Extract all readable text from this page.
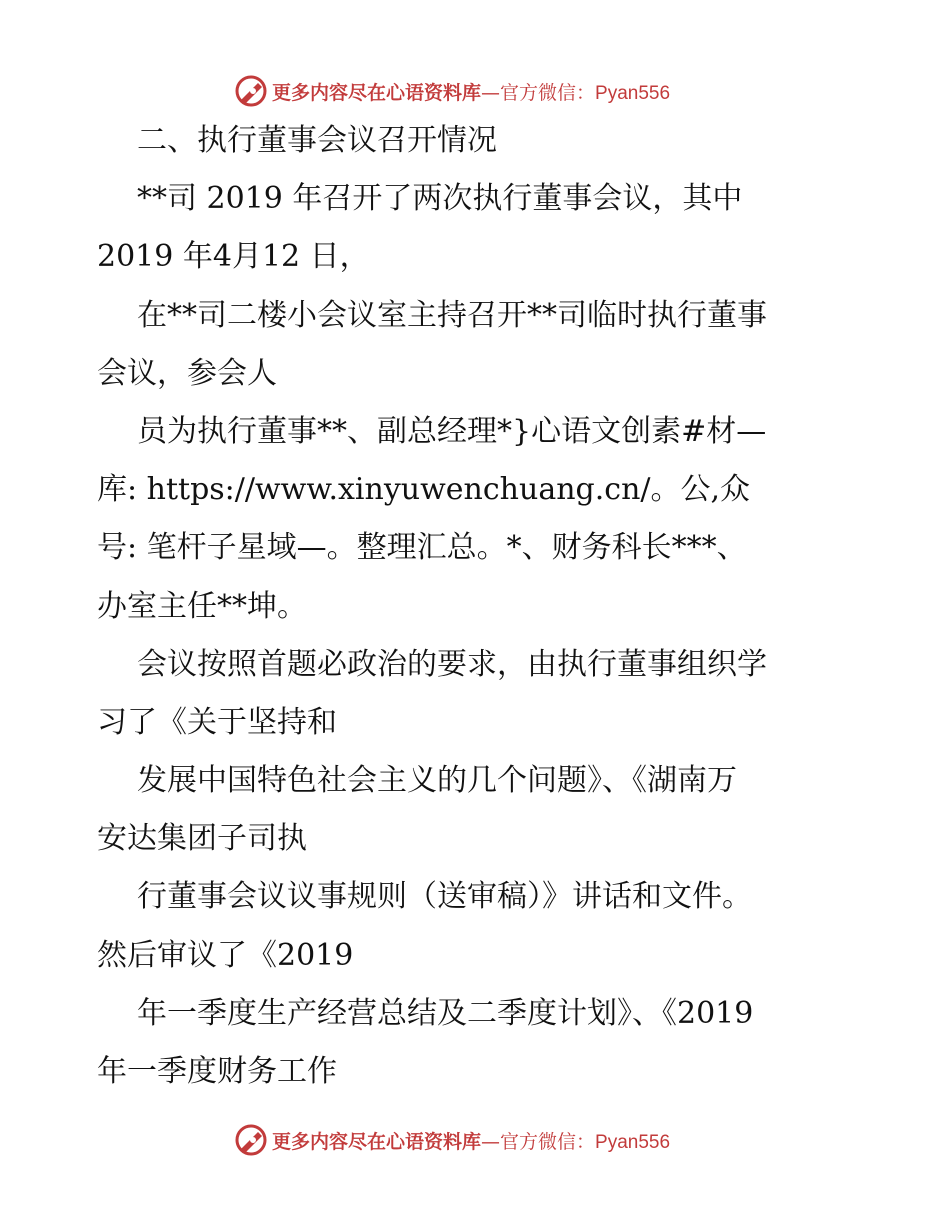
更多内容尽在心语资料库—官方微信：Pyan556
二、执行董事会议召开情况
**司 2019 年召开了两次执行董事会议，其中
2019 年4月12 日，
在**司二楼小会议室主持召开**司临时执行董事
会议，参会人
员为执行董事**、副总经理*}心语文创素#材—
库: https://www.xinyuwenchuang.cn/。公,众
号: 笔杆子星域—。整理汇总。*、财务科长***、
办室主任**坤。
会议按照首题必政治的要求，由执行董事组织学
习了《关于坚持和
发展中国特色社会主义的几个问题》、《湖南万
安达集团子司执
行董事会议议事规则（送审稿）》讲话和文件。
然后审议了《2019
年一季度生产经营总结及二季度计划》、《2019
年一季度财务工作
更多内容尽在心语资料库—官方微信：Pyan556
